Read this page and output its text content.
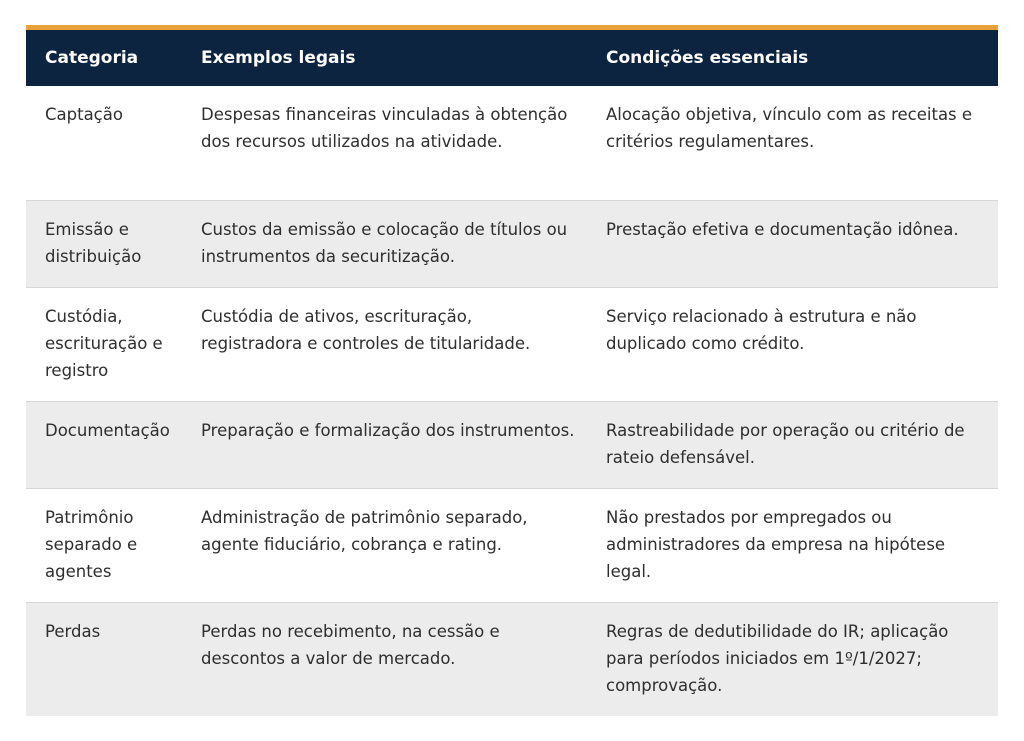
Categoria	Exemplos legais	Condições essenciais
Captação	Despesas financeiras vinculadas à obtenção dos recursos utilizados na atividade.	Alocação objetiva, vínculo com as receitas e critérios regulamentares.
Emissão e distribuição	Custos da emissão e colocação de títulos ou instrumentos da securitização.	Prestação efetiva e documentação idônea.
Custódia, escrituração e registro	Custódia de ativos, escrituração, registradora e controles de titularidade.	Serviço relacionado à estrutura e não duplicado como crédito.
Documentação	Preparação e formalização dos instrumentos.	Rastreabilidade por operação ou critério de rateio defensável.
Patrimônio separado e agentes	Administração de patrimônio separado, agente fiduciário, cobrança e rating.	Não prestados por empregados ou administradores da empresa na hipótese legal.
Perdas	Perdas no recebimento, na cessão e descontos a valor de mercado.	Regras de dedutibilidade do IR; aplicação para períodos iniciados em 1º/1/2027; comprovação.
